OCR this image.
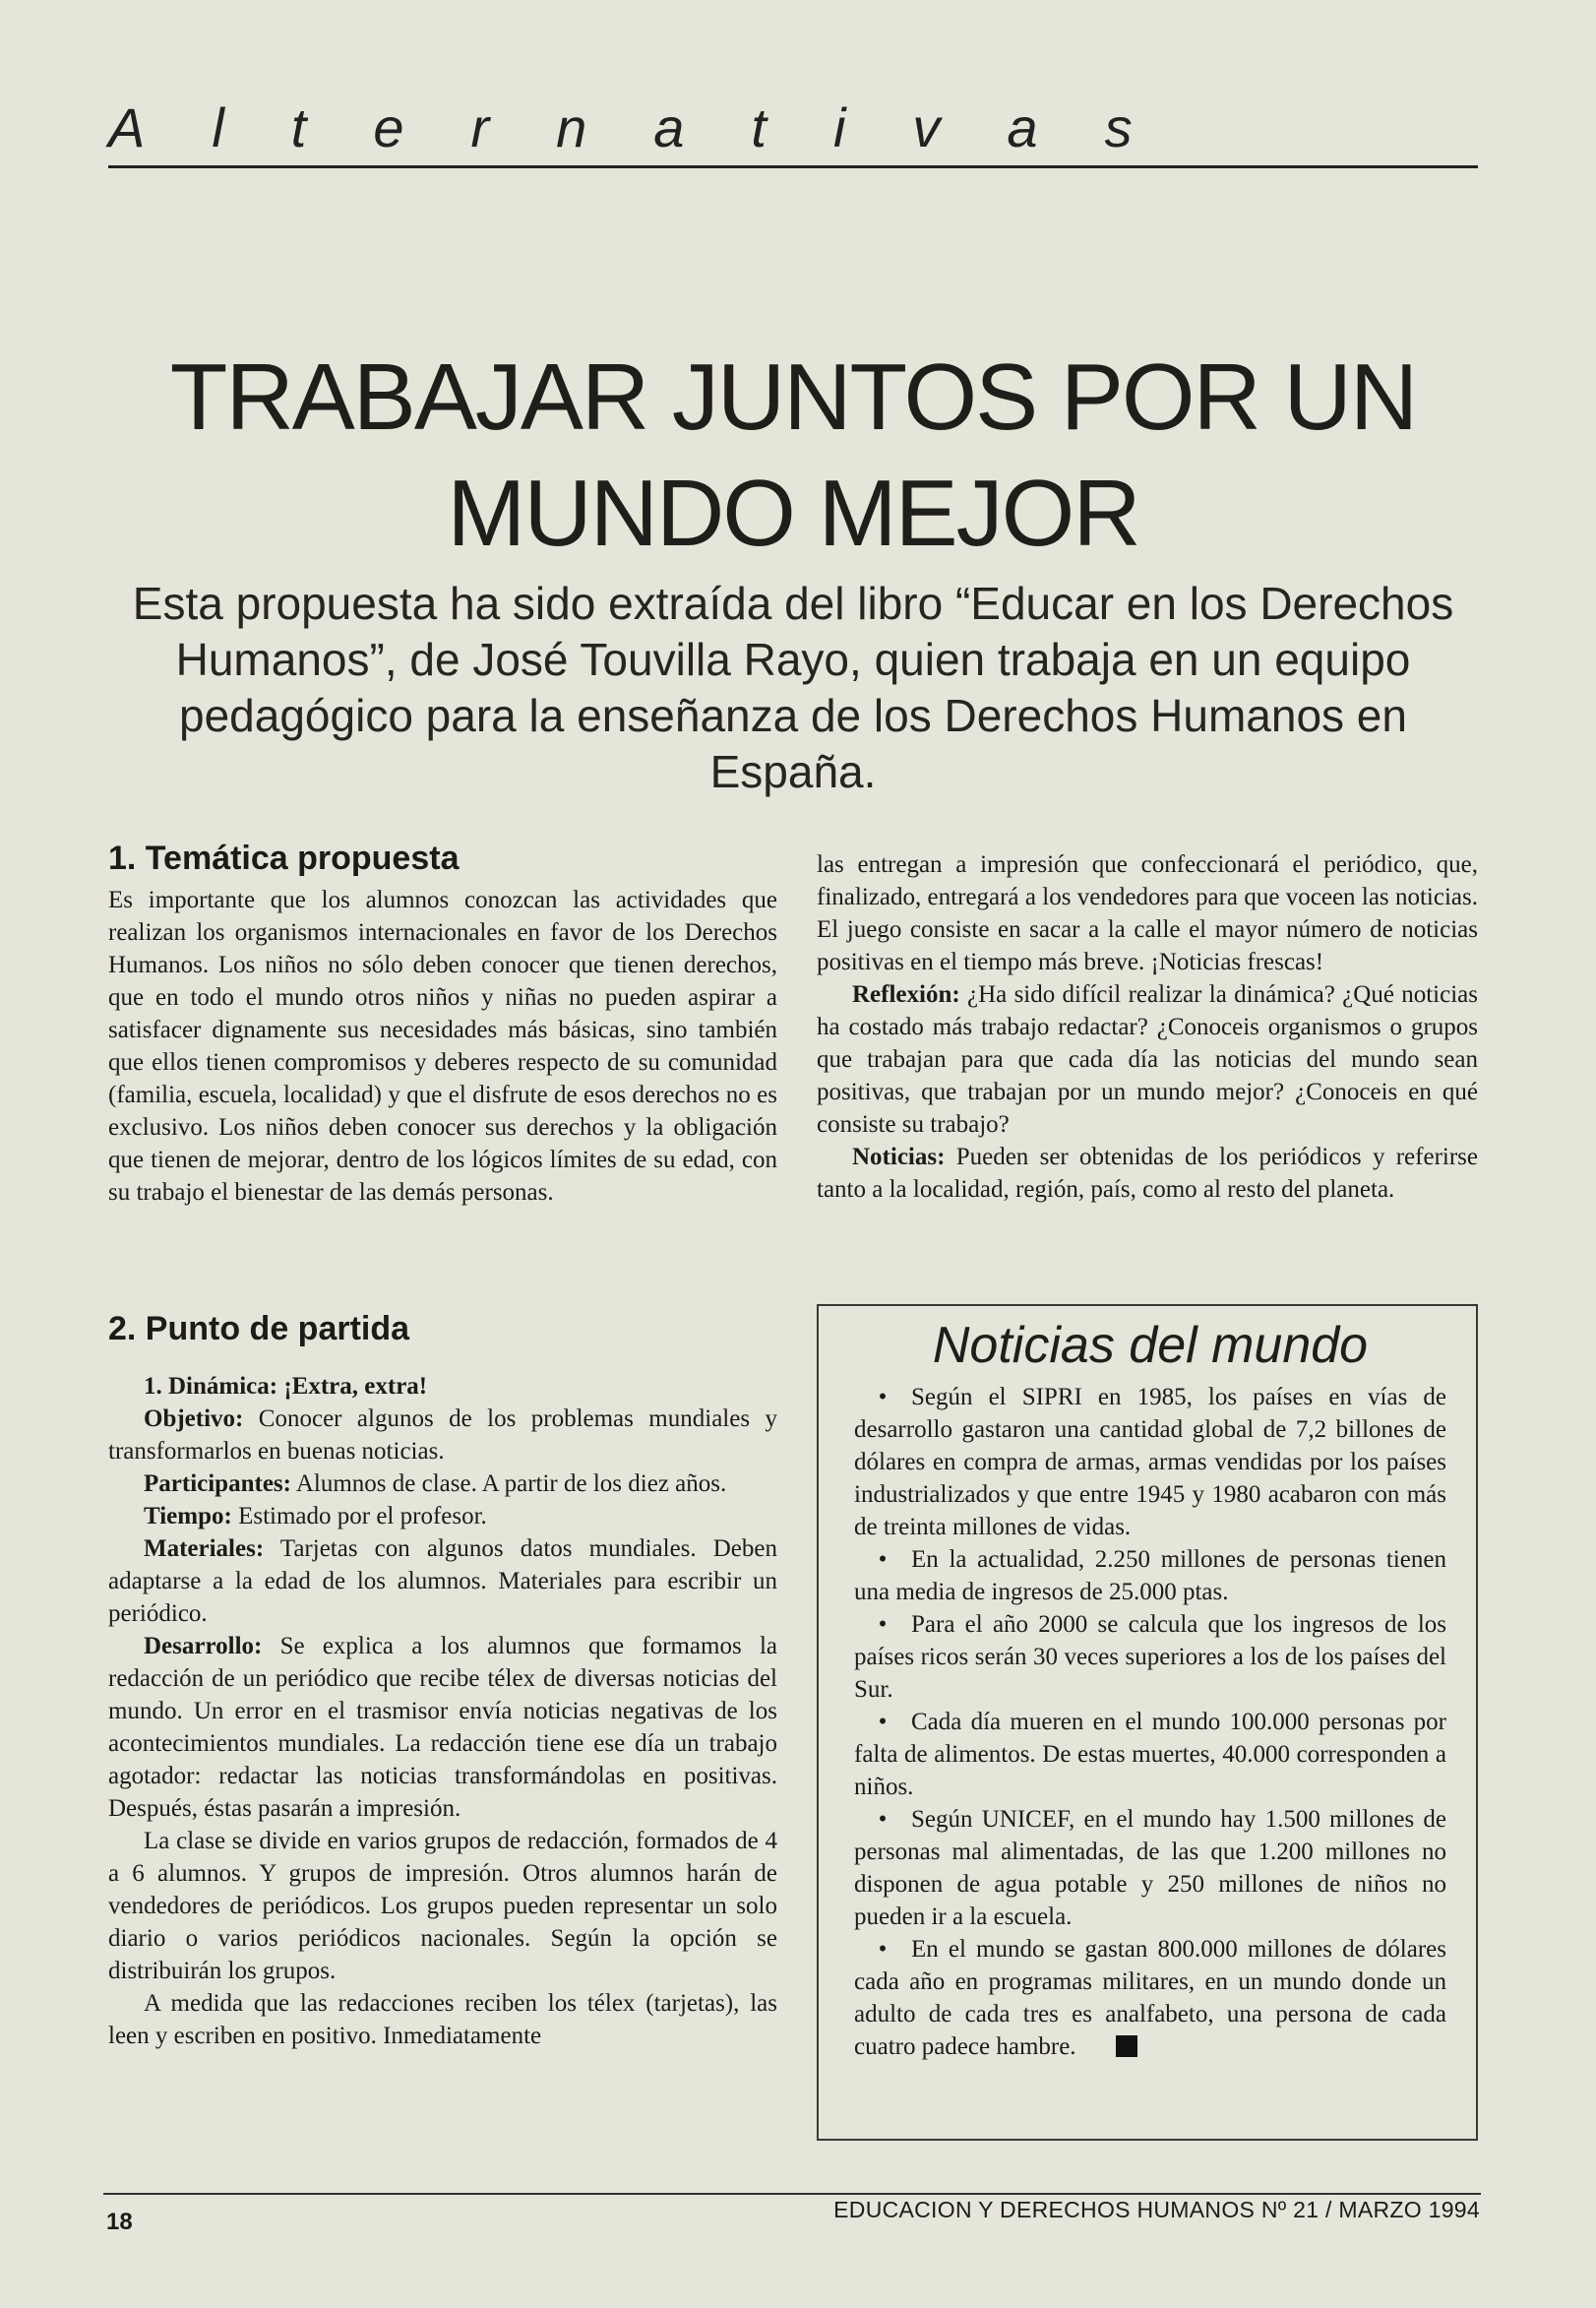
Alternativas
TRABAJAR JUNTOS POR UN
MUNDO MEJOR

Esta propuesta ha sido extraída del libro “Educar en los Derechos Humanos”, de José Touvilla Rayo, quien trabaja en un equipo pedagógico para la enseñanza de los Derechos Humanos en España.

1. Temática propuesta

Es importante que los alumnos conozcan las actividades que realizan los organismos internacionales en favor de los Derechos Humanos. Los niños no sólo deben conocer que tienen derechos, que en todo el mundo otros niños y niñas no pueden aspirar a satisfacer dignamente sus necesidades más básicas, sino también que ellos tienen compromisos y deberes respecto de su comunidad (familia, escuela, localidad) y que el disfrute de esos derechos no es exclusivo. Los niños deben conocer sus derechos y la obligación que tienen de mejorar, dentro de los lógicos límites de su edad, con su trabajo el bienestar de las demás personas.

2. Punto de partida

1. Dinámica: ¡Extra, extra!

Objetivo: Conocer algunos de los problemas mundiales y transformarlos en buenas noticias.

Participantes: Alumnos de clase. A partir de los diez años.

Tiempo: Estimado por el profesor.

Materiales: Tarjetas con algunos datos mundiales. Deben adaptarse a la edad de los alumnos. Materiales para escribir un periódico.

Desarrollo: Se explica a los alumnos que formamos la redacción de un periódico que recibe télex de diversas noticias del mundo. Un error en el trasmisor envía noticias negativas de los acontecimientos mundiales. La redacción tiene ese día un trabajo agotador: redactar las noticias transformándolas en positivas. Después, éstas pasarán a impresión.

La clase se divide en varios grupos de redacción, formados de 4 a 6 alumnos. Y grupos de impresión. Otros alumnos harán de vendedores de periódicos. Los grupos pueden representar un solo diario o varios periódicos nacionales. Según la opción se distribuirán los grupos.

A medida que las redacciones reciben los télex (tarjetas), las leen y escriben en positivo. Inmediatamente

las entregan a impresión que confeccionará el periódico, que, finalizado, entregará a los vendedores para que voceen las noticias. El juego consiste en sacar a la calle el mayor número de noticias positivas en el tiempo más breve. ¡Noticias frescas!

Reflexión: ¿Ha sido difícil realizar la dinámica? ¿Qué noticias ha costado más trabajo redactar? ¿Conoceis organismos o grupos que trabajan para que cada día las noticias del mundo sean positivas, que trabajan por un mundo mejor? ¿Conoceis en qué consiste su trabajo?

Noticias: Pueden ser obtenidas de los periódicos y referirse tanto a la localidad, región, país, como al resto del planeta.

Noticias del mundo

• Según el SIPRI en 1985, los países en vías de desarrollo gastaron una cantidad global de 7,2 billones de dólares en compra de armas, armas vendidas por los países industrializados y que entre 1945 y 1980 acabaron con más de treinta millones de vidas.

• En la actualidad, 2.250 millones de personas tienen una media de ingresos de 25.000 ptas.

• Para el año 2000 se calcula que los ingresos de los países ricos serán 30 veces superiores a los de los países del Sur.

• Cada día mueren en el mundo 100.000 personas por falta de alimentos. De estas muertes, 40.000 corresponden a niños.

• Según UNICEF, en el mundo hay 1.500 millones de personas mal alimentadas, de las que 1.200 millones no disponen de agua potable y 250 millones de niños no pueden ir a la escuela.

• En el mundo se gastan 800.000 millones de dólares cada año en programas militares, en un mundo donde un adulto de cada tres es analfabeto, una persona de cada cuatro padece hambre.

18	EDUCACION Y DERECHOS HUMANOS Nº 21 / MARZO 1994
